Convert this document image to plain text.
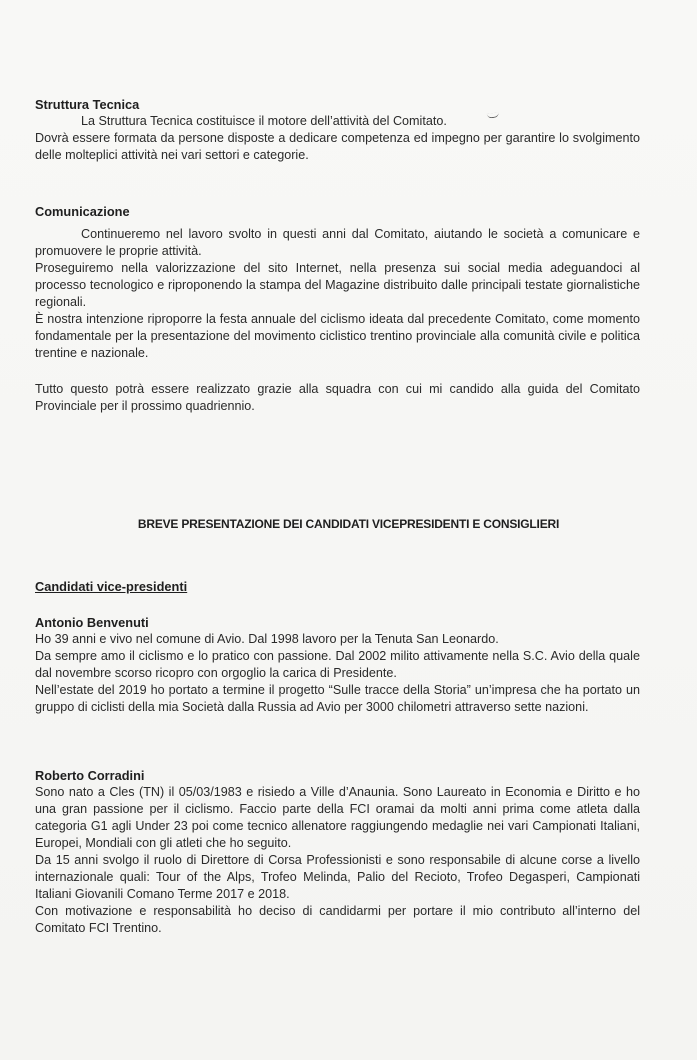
Struttura Tecnica

La Struttura Tecnica costituisce il motore dell’attività del Comitato.

Dovrà essere formata da persone disposte a dedicare competenza ed impegno per garantire lo svolgimento delle molteplici attività nei vari settori e categorie.

Comunicazione

Continueremo nel lavoro svolto in questi anni dal Comitato, aiutando le società a comunicare e promuovere le proprie attività.

Proseguiremo nella valorizzazione del sito Internet, nella presenza sui social media adeguandoci al processo tecnologico e riproponendo la stampa del Magazine distribuito dalle principali testate giornalistiche regionali.

È nostra intenzione riproporre la festa annuale del ciclismo ideata dal precedente Comitato, come momento fondamentale per la presentazione del movimento ciclistico trentino provinciale alla comunità civile e politica trentine e nazionale.

Tutto questo potrà essere realizzato grazie alla squadra con cui mi candido alla guida del Comitato Provinciale per il prossimo quadriennio.

BREVE PRESENTAZIONE DEI CANDIDATI VICEPRESIDENTI E CONSIGLIERI

Candidati vice-presidenti

Antonio Benvenuti

Ho 39 anni e vivo nel comune di Avio. Dal 1998 lavoro per la Tenuta San Leonardo.

Da sempre amo il ciclismo e lo pratico con passione. Dal 2002 milito attivamente nella S.C. Avio della quale dal novembre scorso ricopro con orgoglio la carica di Presidente.

Nell’estate del 2019 ho portato a termine il progetto “Sulle tracce della Storia” un’impresa che ha portato un gruppo di ciclisti della mia Società dalla Russia ad Avio per 3000 chilometri attraverso sette nazioni.

Roberto Corradini

Sono nato a Cles (TN) il 05/03/1983 e risiedo a Ville d’Anaunia. Sono Laureato in Economia e Diritto e ho una gran passione per il ciclismo. Faccio parte della FCI oramai da molti anni prima come atleta dalla categoria G1 agli Under 23 poi come tecnico allenatore raggiungendo medaglie nei vari Campionati Italiani, Europei, Mondiali con gli atleti che ho seguito.

Da 15 anni svolgo il ruolo di Direttore di Corsa Professionisti e sono responsabile di alcune corse a livello internazionale quali: Tour of the Alps, Trofeo Melinda, Palio del Recioto, Trofeo Degasperi, Campionati Italiani Giovanili Comano Terme 2017 e 2018.

Con motivazione e responsabilità ho deciso di candidarmi per portare il mio contributo all’interno del Comitato FCI Trentino.
